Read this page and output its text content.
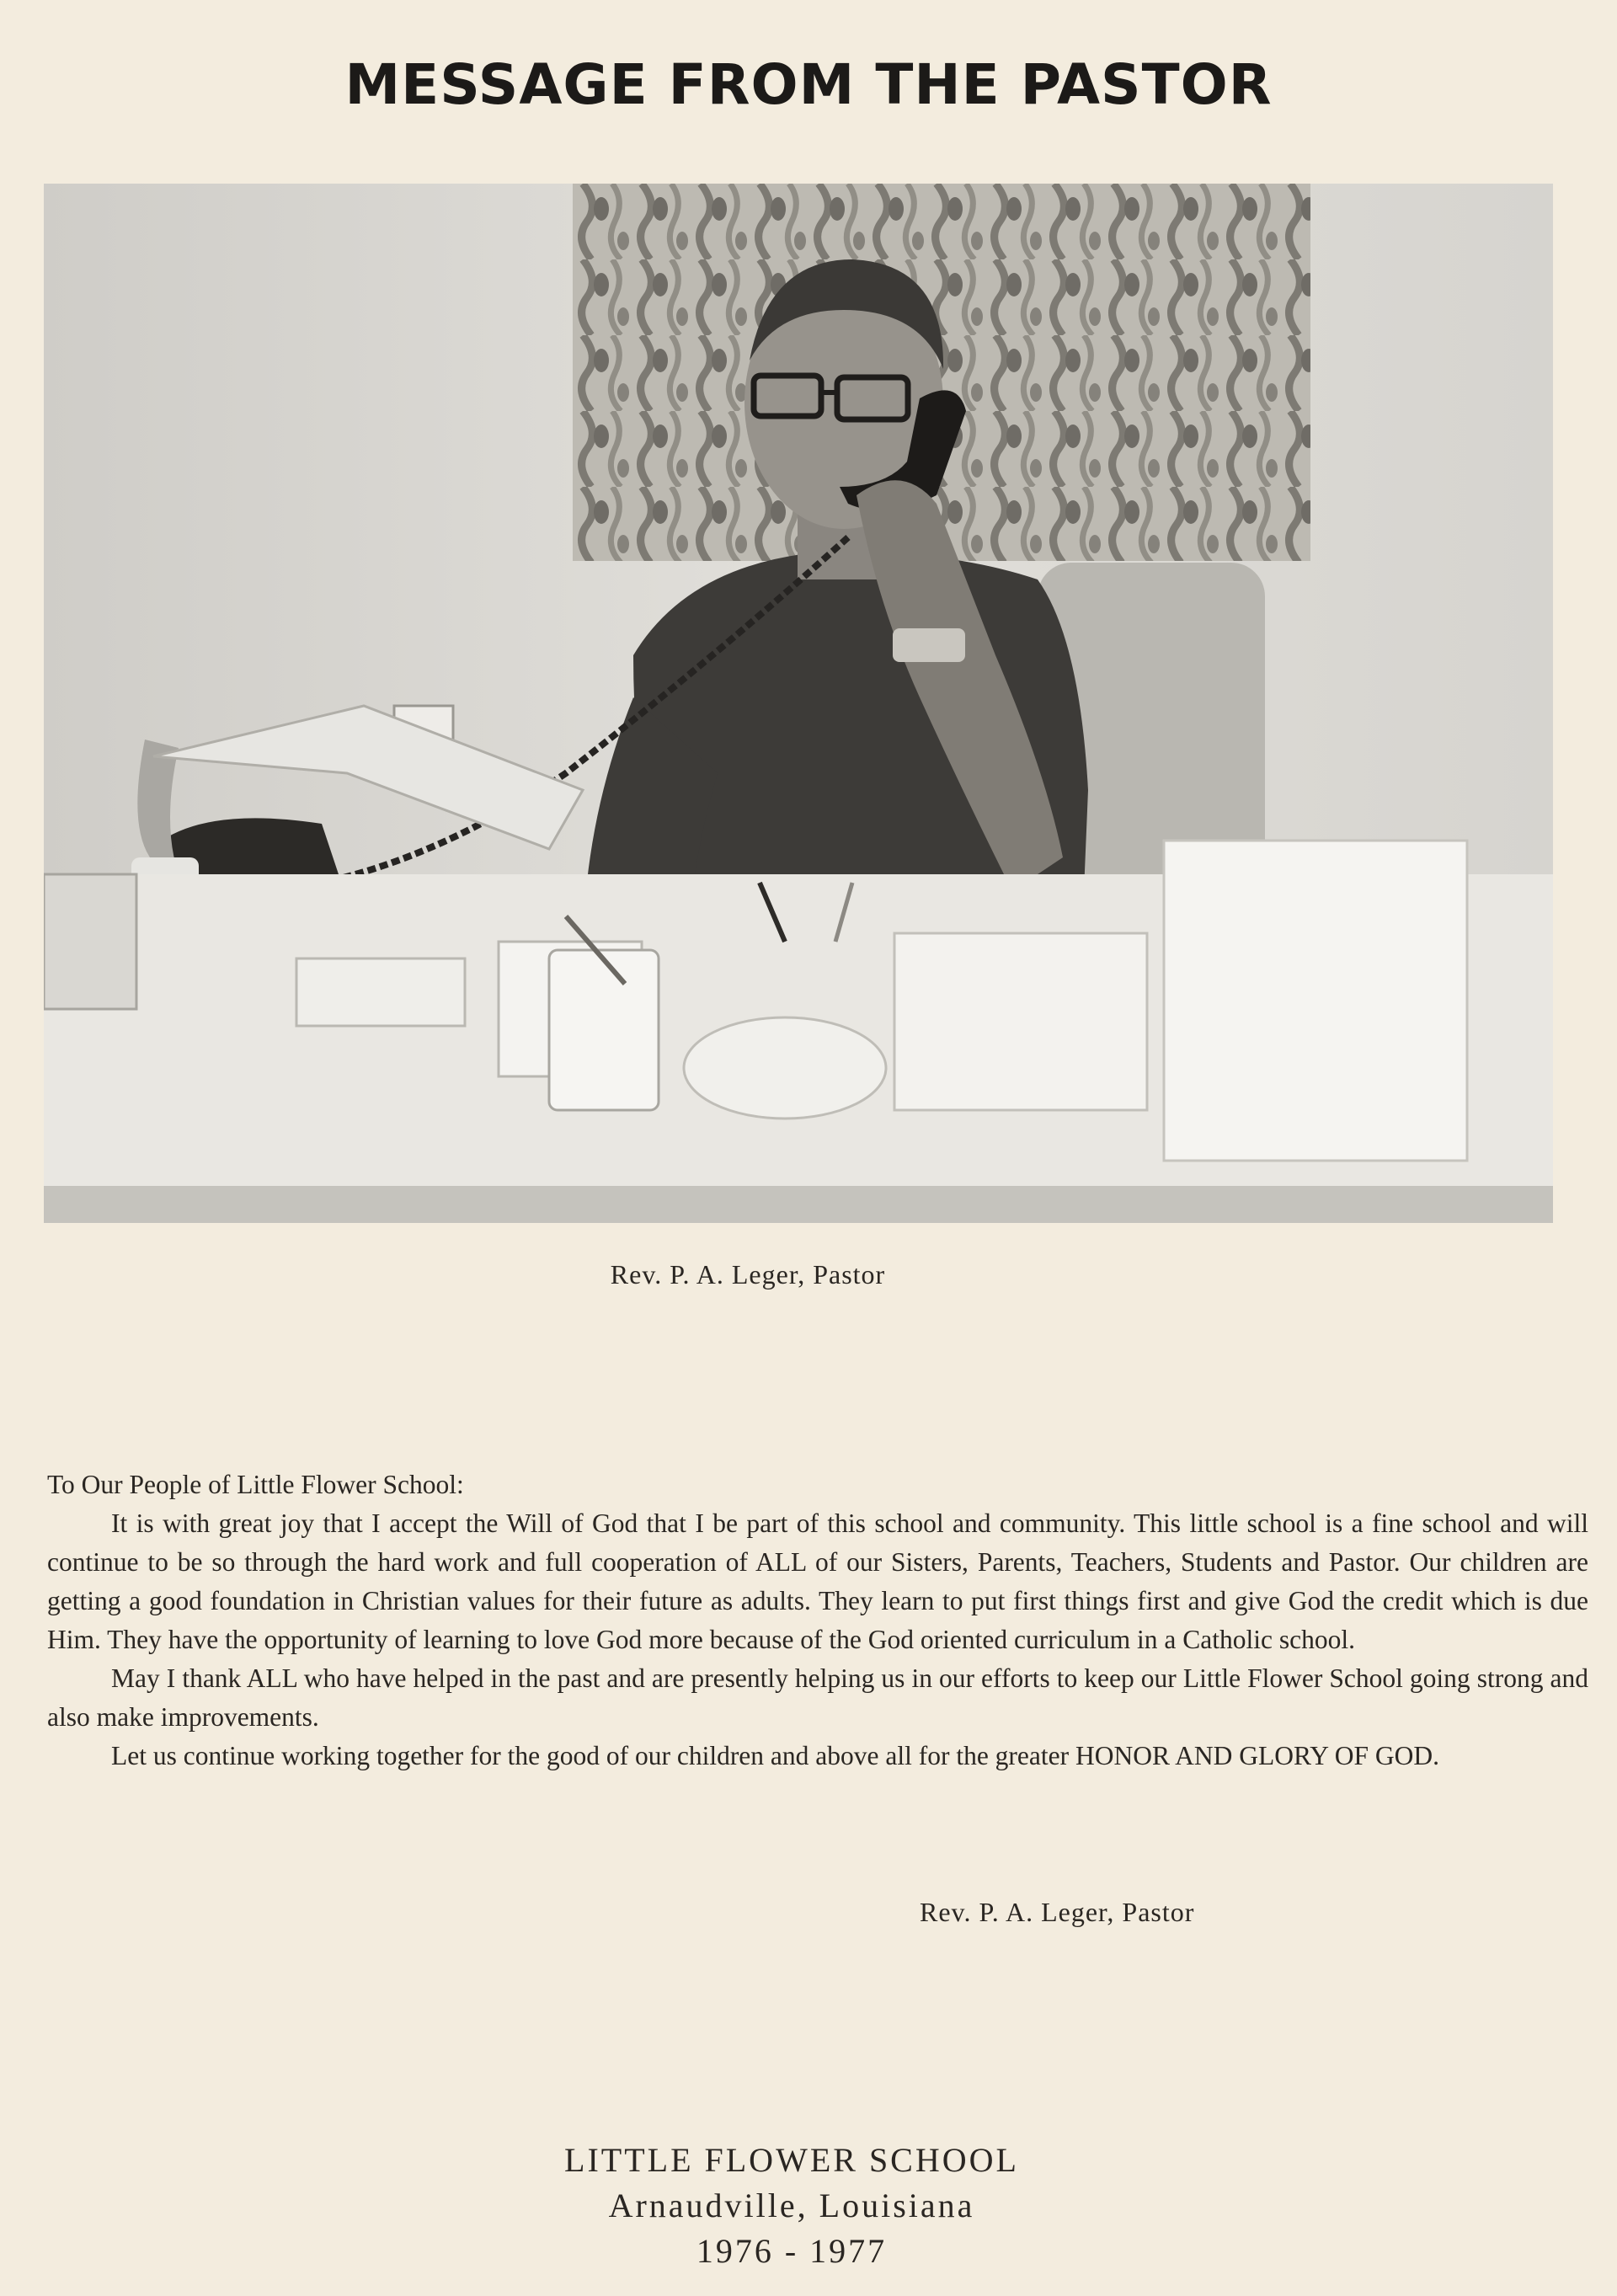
MESSAGE FROM THE PASTOR
Rev. P. A. Leger, Pastor

To Our People of Little Flower School:

It is with great joy that I accept the Will of God that I be part of this school and community. This little school is a fine school and will continue to be so through the hard work and full cooperation of ALL of our Sisters, Parents, Teachers, Students and Pastor. Our children are getting a good foundation in Christian values for their future as adults. They learn to put first things first and give God the credit which is due Him. They have the opportunity of learning to love God more because of the God oriented curriculum in a Catholic school.

May I thank ALL who have helped in the past and are presently helping us in our efforts to keep our Little Flower School going strong and also make improvements.

Let us continue working together for the good of our children and above all for the greater HONOR AND GLORY OF GOD.

Rev. P. A. Leger, Pastor
LITTLE FLOWER SCHOOL
Arnaudville, Louisiana
1976 - 1977
